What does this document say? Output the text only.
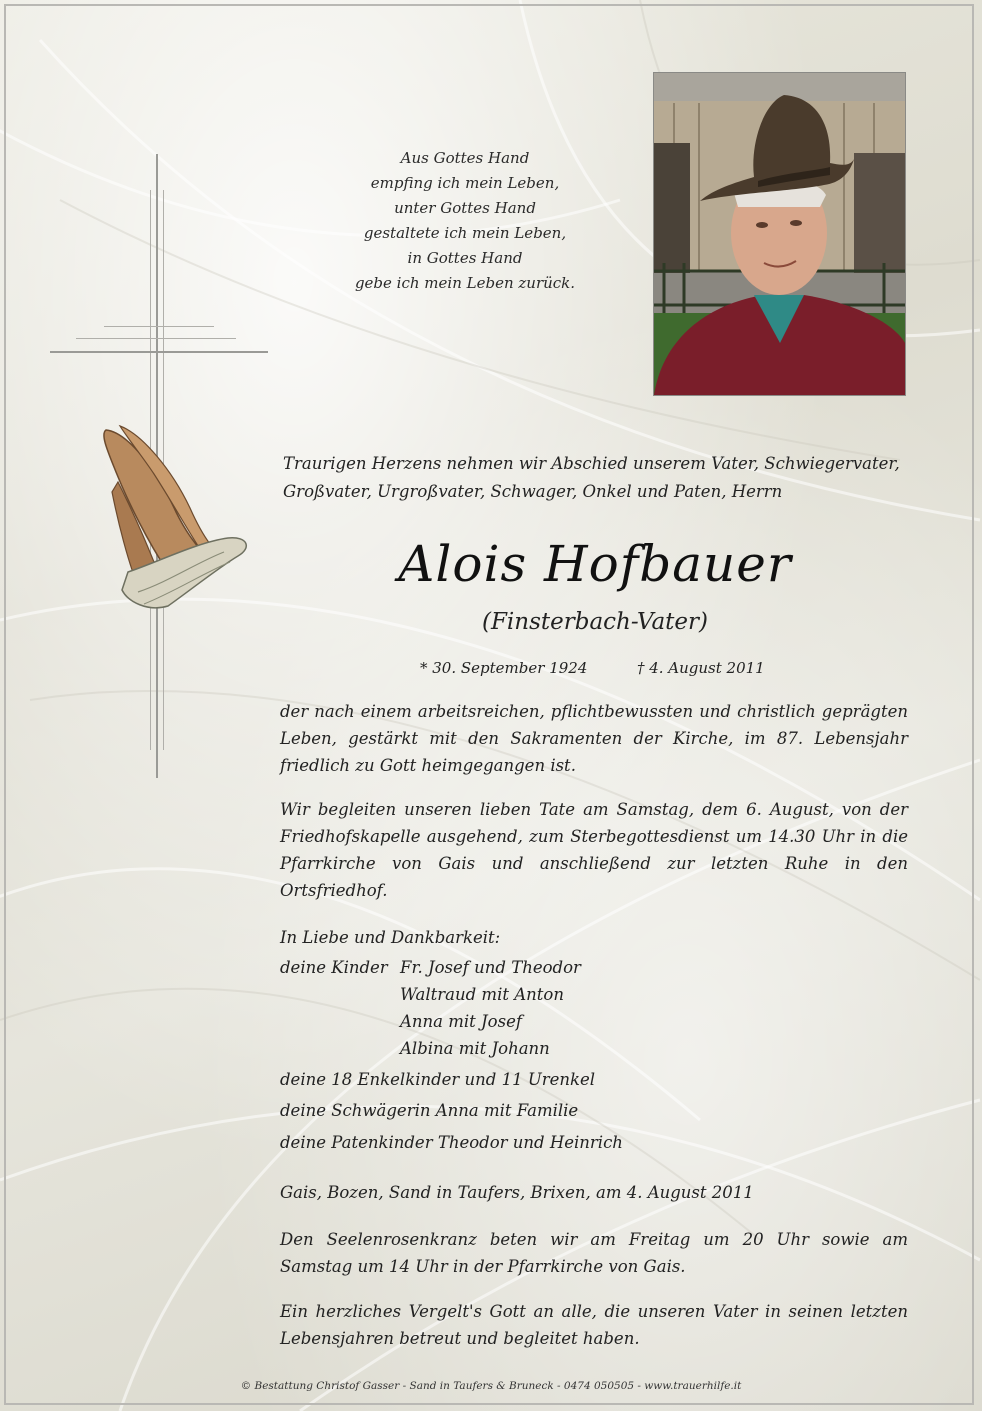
Aus Gottes Hand
empfing ich mein Leben,
unter Gottes Hand
gestaltete ich mein Leben,
in Gottes Hand
gebe ich mein Leben zurück.
Traurigen Herzens nehmen wir Abschied unserem Vater, Schwiegervater,
Großvater, Urgroßvater, Schwager, Onkel und Paten, Herrn
Alois Hofbauer
(Finsterbach-Vater)
* 30. September 1924	† 4. August 2011
der nach einem arbeitsreichen, pflichtbewussten und christlich geprägten
Leben, gestärkt mit den Sakramenten der Kirche, im 87. Lebensjahr
friedlich zu Gott heimgegangen ist.
Wir begleiten unseren lieben Tate am Samstag, dem 6. August, von der
Friedhofskapelle ausgehend, zum Sterbegottesdienst um 14.30 Uhr in die
Pfarrkirche von Gais und anschließend zur letzten Ruhe in den
Ortsfriedhof.
In Liebe und Dankbarkeit:
deine Kinder Fr. Josef und Theodor
Waltraud mit Anton
Anna mit Josef
Albina mit Johann
deine 18 Enkelkinder und 11 Urenkel
deine Schwägerin Anna mit Familie
deine Patenkinder Theodor und Heinrich
Gais, Bozen, Sand in Taufers, Brixen, am 4. August 2011
Den Seelenrosenkranz beten wir am Freitag um 20 Uhr sowie am
Samstag um 14 Uhr in der Pfarrkirche von Gais.
Ein herzliches Vergelt's Gott an alle, die unseren Vater in seinen letzten
Lebensjahren betreut und begleitet haben.
© Bestattung Christof Gasser - Sand in Taufers & Bruneck - 0474 050505 - www.trauerhilfe.it
